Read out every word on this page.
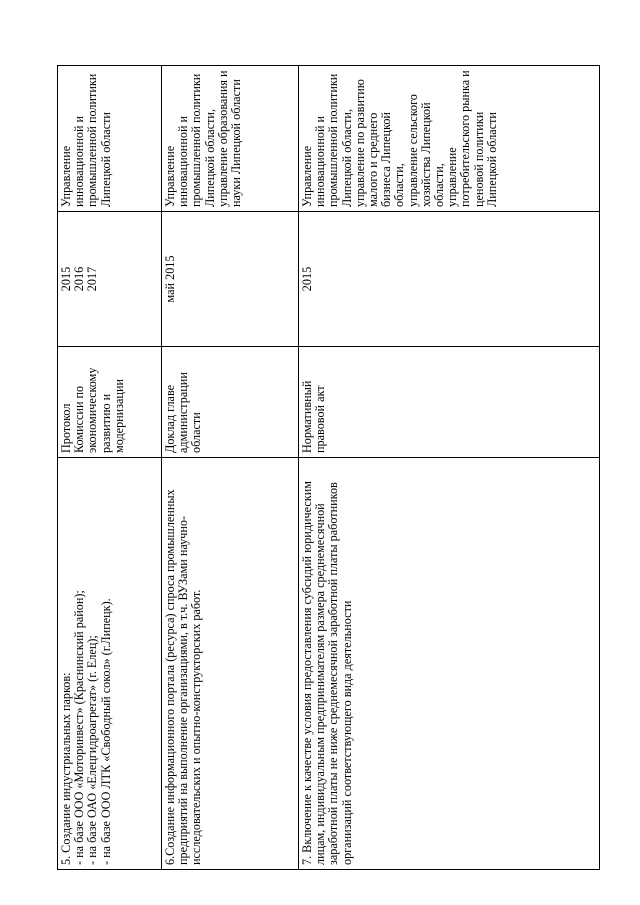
5. Создание индустриальных парков:
- на базе ООО «Моторинвест» (Краснинский район);
- на базе ОАО «Елецгидроагрегат» (г. Елец);
- на базе ООО ЛТК «Свободный сокол» (г.Липецк).
Протокол
Комиссии по экономическому развитию и модернизации
2015
2016
2017
Управление инновационной и промышленной политики Липецкой области
6.Создание информационного портала (ресурса) спроса промышленных предприятий на выполнение организациями, в т.ч. ВУЗами научно-исследовательских и опытно-конструкторских работ.
Доклад главе администрации области
май 2015
Управление инновационной и промышленной политики Липецкой области,
управление образования и науки Липецкой области
7. Включение к качестве условия предоставления субсидий юридическим лицам, индивидуальным предпринимателям размера среднемесячной заработной платы не ниже среднемесячной заработной платы работников организаций соответствующего вида деятельности
Нормативный правовой акт
2015
Управление инновационной и промышленной политики Липецкой области,
управление по развитию малого и среднего бизнеса Липецкой области,
управление сельского хозяйства Липецкой области,
управление потребительского рынка и ценовой политики Липецкой области
